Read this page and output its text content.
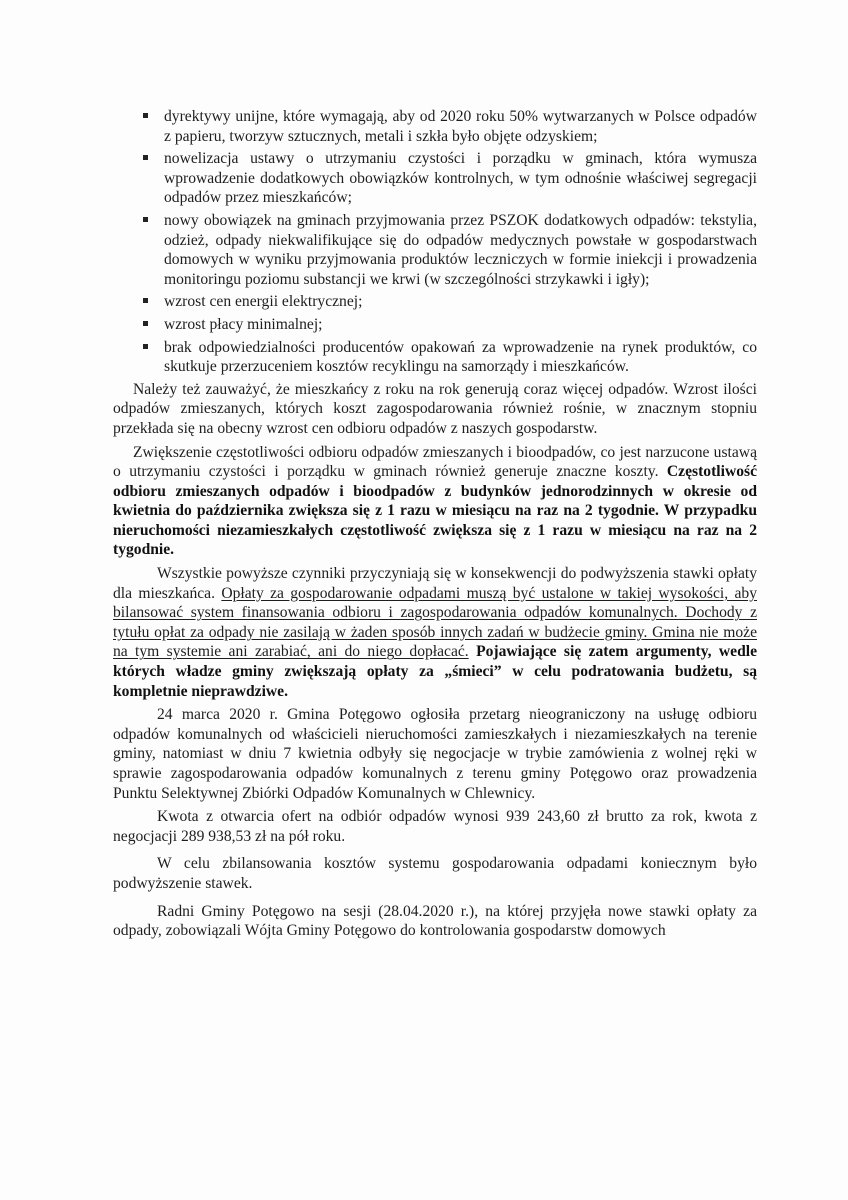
dyrektywy unijne, które wymagają, aby od 2020 roku 50% wytwarzanych w Polsce odpadów z papieru, tworzyw sztucznych, metali i szkła było objęte odzyskiem;
nowelizacja ustawy o utrzymaniu czystości i porządku w gminach, która wymusza wprowadzenie dodatkowych obowiązków kontrolnych, w tym odnośnie właściwej segregacji odpadów przez mieszkańców;
nowy obowiązek na gminach przyjmowania przez PSZOK dodatkowych odpadów: tekstylia, odzież, odpady niekwalifikujące się do odpadów medycznych powstałe w gospodarstwach domowych w wyniku przyjmowania produktów leczniczych w formie iniekcji i prowadzenia monitoringu poziomu substancji we krwi (w szczególności strzykawki i igły);
wzrost cen energii elektrycznej;
wzrost płacy minimalnej;
brak odpowiedzialności producentów opakowań za wprowadzenie na rynek produktów, co skutkuje przerzuceniem kosztów recyklingu na samorządy i mieszkańców.

Należy też zauważyć, że mieszkańcy z roku na rok generują coraz więcej odpadów. Wzrost ilości odpadów zmieszanych, których koszt zagospodarowania również rośnie, w znacznym stopniu przekłada się na obecny wzrost cen odbioru odpadów z naszych gospodarstw.

Zwiększenie częstotliwości odbioru odpadów zmieszanych i bioodpadów, co jest narzucone ustawą o utrzymaniu czystości i porządku w gminach również generuje znaczne koszty. Częstotliwość odbioru zmieszanych odpadów i bioodpadów z budynków jednorodzinnych w okresie od kwietnia do października zwiększa się z 1 razu w miesiącu na raz na 2 tygodnie. W przypadku nieruchomości niezamieszkałych częstotliwość zwiększa się z 1 razu w miesiącu na raz na 2 tygodnie.

Wszystkie powyższe czynniki przyczyniają się w konsekwencji do podwyższenia stawki opłaty dla mieszkańca. Opłaty za gospodarowanie odpadami muszą być ustalone w takiej wysokości, aby bilansować system finansowania odbioru i zagospodarowania odpadów komunalnych. Dochody z tytułu opłat za odpady nie zasilają w żaden sposób innych zadań w budżecie gminy. Gmina nie może na tym systemie ani zarabiać, ani do niego dopłacać. Pojawiające się zatem argumenty, wedle których władze gminy zwiększają opłaty za „śmieci” w celu podratowania budżetu, są kompletnie nieprawdziwe.

24 marca 2020 r. Gmina Potęgowo ogłosiła przetarg nieograniczony na usługę odbioru odpadów komunalnych od właścicieli nieruchomości zamieszkałych i niezamieszkałych na terenie gminy, natomiast w dniu 7 kwietnia odbyły się negocjacje w trybie zamówienia z wolnej ręki w sprawie zagospodarowania odpadów komunalnych z terenu gminy Potęgowo oraz prowadzenia Punktu Selektywnej Zbiórki Odpadów Komunalnych w Chlewnicy.

Kwota z otwarcia ofert na odbiór odpadów wynosi 939 243,60 zł brutto za rok, kwota z negocjacji 289 938,53 zł na pół roku.

W celu zbilansowania kosztów systemu gospodarowania odpadami koniecznym było podwyższenie stawek.

Radni Gminy Potęgowo na sesji (28.04.2020 r.), na której przyjęła nowe stawki opłaty za odpady, zobowiązali Wójta Gminy Potęgowo do kontrolowania gospodarstw domowych
